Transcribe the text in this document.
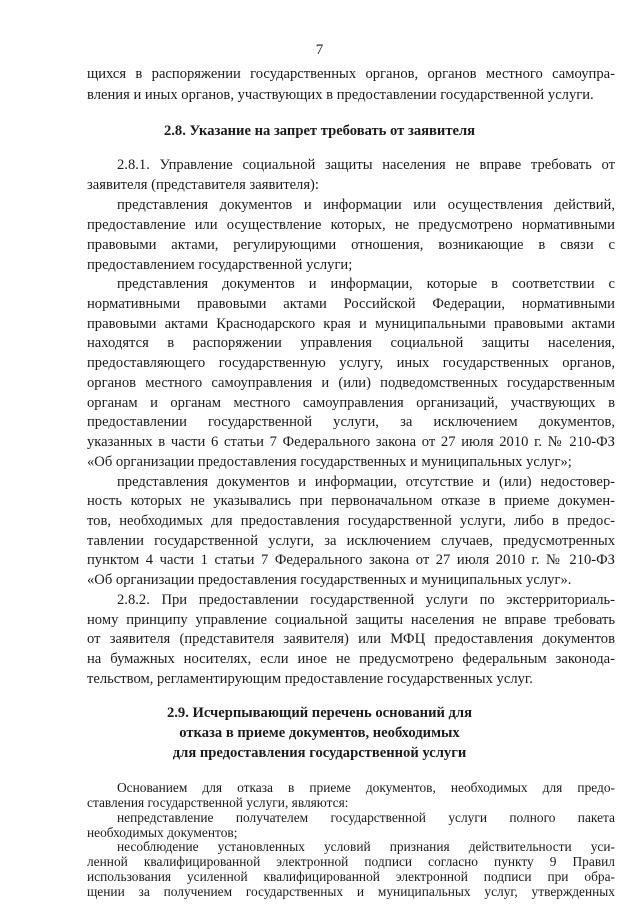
7
щихся в распоряжении государственных органов, органов местного самоупра-
вления и иных органов, участвующих в предоставлении государственной услуги.
2.8. Указание на запрет требовать от заявителя
2.8.1. Управление социальной защиты населения не вправе требовать от
заявителя (представителя заявителя):
представления документов и информации или осуществления действий,
предоставление или осуществление которых, не предусмотрено нормативными
правовыми актами, регулирующими отношения, возникающие в связи с
предоставлением государственной услуги;
представления документов и информации, которые в соответствии с
нормативными правовыми актами Российской Федерации, нормативными
правовыми актами Краснодарского края и муниципальными правовыми актами
находятся в распоряжении управления социальной защиты населения,
предоставляющего государственную услугу, иных государственных органов,
органов местного самоуправления и (или) подведомственных государственным
органам и органам местного самоуправления организаций, участвующих в
предоставлении государственной услуги, за исключением документов,
указанных в части 6 статьи 7 Федерального закона от 27 июля 2010 г. № 210-ФЗ
«Об организации предоставления государственных и муниципальных услуг»;
представления документов и информации, отсутствие и (или) недостовер-
ность которых не указывались при первоначальном отказе в приеме докумен-
тов, необходимых для предоставления государственной услуги, либо в предос-
тавлении государственной услуги, за исключением случаев, предусмотренных
пунктом 4 части 1 статьи 7 Федерального закона от 27 июля 2010 г. № 210-ФЗ
«Об организации предоставления государственных и муниципальных услуг».
2.8.2. При предоставлении государственной услуги по экстерриториаль-
ному принципу управление социальной защиты населения не вправе требовать
от заявителя (представителя заявителя) или МФЦ предоставления документов
на бумажных носителях, если иное не предусмотрено федеральным законода-
тельством, регламентирующим предоставление государственных услуг.
2.9. Исчерпывающий перечень оснований для
отказа в приеме документов, необходимых
для предоставления государственной услуги
Основанием для отказа в приеме документов, необходимых для предо-
ставления государственной услуги, являются:
непредставление получателем государственной услуги полного пакета
необходимых документов;
несоблюдение установленных условий признания действительности уси-
ленной квалифицированной электронной подписи согласно пункту 9 Правил
использования усиленной квалифицированной электронной подписи при обра-
щении за получением государственных и муниципальных услуг, утвержденных
